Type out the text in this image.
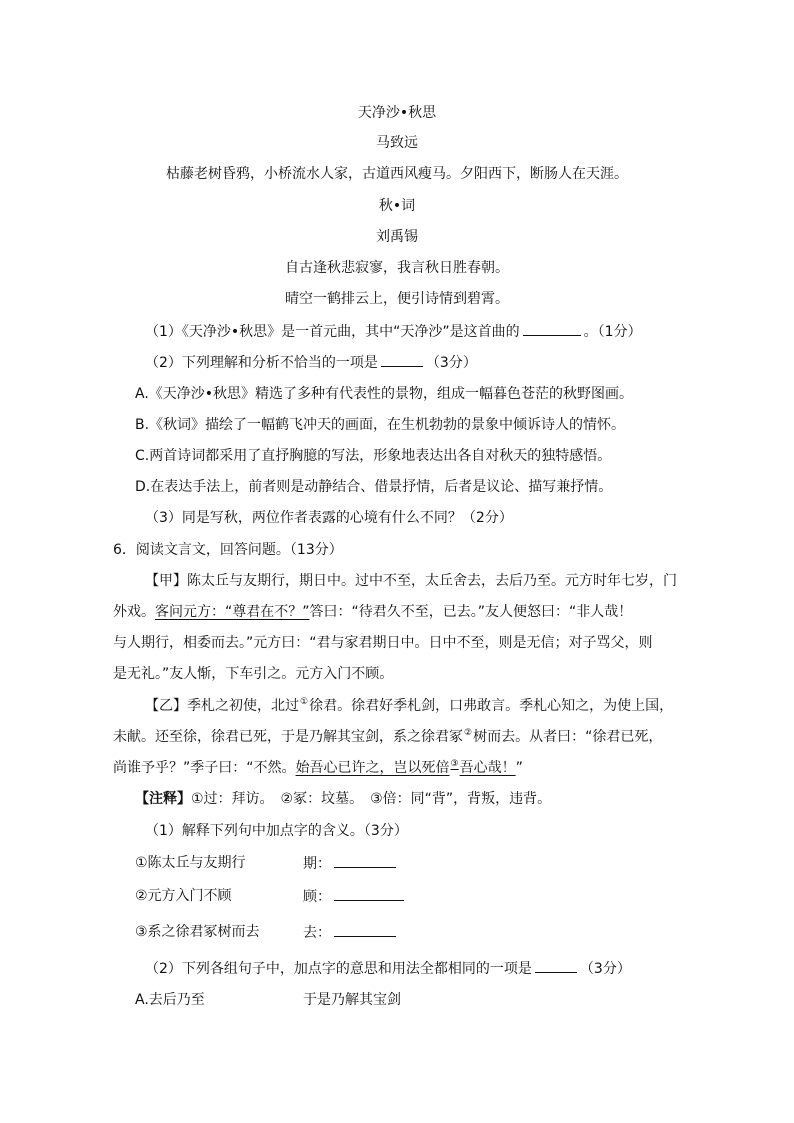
天净沙•秋思
马致远
枯藤老树昏鸦，小桥流水人家，古道西风瘦马。夕阳西下，断肠人在天涯。
秋•词
刘禹锡
自古逢秋悲寂寥，我言秋日胜春朝。
晴空一鹤排云上，便引诗情到碧霄。
（1）《天净沙•秋思》是一首元曲，其中“天净沙”是这首曲的	。（1分）
（2）下列理解和分析不恰当的一项是	（3分）
A.《天净沙•秋思》精选了多种有代表性的景物，组成一幅暮色苍茫的秋野图画。
B.《秋词》描绘了一幅鹤飞冲天的画面，在生机勃勃的景象中倾诉诗人的情怀。
C.两首诗词都采用了直抒胸臆的写法，形象地表达出各自对秋天的独特感悟。
D.在表达手法上，前者则是动静结合、借景抒情，后者是议论、描写兼抒情。
（3）同是写秋，两位作者表露的心境有什么不同？（2分）
6．阅读文言文，回答问题。（13分）
【甲】陈太丘与友期行，期日中。过中不至，太丘舍去，去后乃至。元方时年七岁，门
外戏。客问元方：“尊君在不？”答曰：“待君久不至，已去。”友人便怒曰：“非人哉！
与人期行，相委而去。”元方曰：“君与家君期日中。日中不至，则是无信；对子骂父，则
是无礼。”友人惭，下车引之。元方入门不顾。
【乙】季札之初使，北过①徐君。徐君好季札剑，口弗敢言。季札心知之，为使上国，
未献。还至徐，徐君已死，于是乃解其宝剑，系之徐君冢②树而去。从者曰：“徐君已死，
尚谁予乎？”季子曰：“不然。始吾心已许之，岂以死倍③吾心哉！”
【注释】①过：拜访。　②冢：坟墓。　③倍：同“背”，背叛，违背。
（1）解释下列句中加点字的含义。（3分）
①陈太丘与友期行	期：
②元方入门不顾	顾：
③系之徐君冢树而去	去：
（2）下列各组句子中，加点字的意思和用法全都相同的一项是	（3分）
A.去后乃至	于是乃解其宝剑
